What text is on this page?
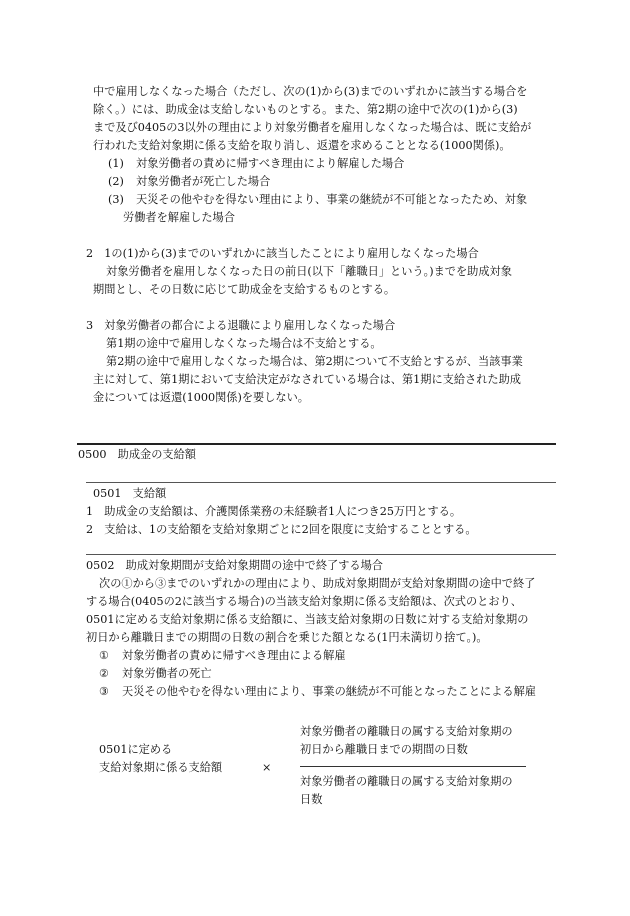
中で雇用しなくなった場合（ただし、次の(1)から(3)までのいずれかに該当する場合を
除く。）には、助成金は支給しないものとする。また、第2期の途中で次の(1)から(3)
まで及び0405の3以外の理由により対象労働者を雇用しなくなった場合は、既に支給が
行われた支給対象期に係る支給を取り消し、返還を求めることとなる(1000関係)。
(1) 対象労働者の責めに帰すべき理由により解雇した場合
(2) 対象労働者が死亡した場合
(3) 天災その他やむを得ない理由により、事業の継続が不可能となったため、対象
労働者を解雇した場合
2　1の(1)から(3)までのいずれかに該当したことにより雇用しなくなった場合
対象労働者を雇用しなくなった日の前日(以下「離職日」という。)までを助成対象
期間とし、その日数に応じて助成金を支給するものとする。
3　対象労働者の都合による退職により雇用しなくなった場合
第1期の途中で雇用しなくなった場合は不支給とする。
第2期の途中で雇用しなくなった場合は、第2期について不支給とするが、当該事業
主に対して、第1期において支給決定がなされている場合は、第1期に支給された助成
金については返還(1000関係)を要しない。
0500　助成金の支給額
0501　支給額
1　助成金の支給額は、介護関係業務の未経験者1人につき25万円とする。
2　支給は、1の支給額を支給対象期ごとに2回を限度に支給することとする。
0502　助成対象期間が支給対象期間の途中で終了する場合
次の①から③までのいずれかの理由により、助成対象期間が支給対象期間の途中で終了
する場合(0405の2に該当する場合)の当該支給対象期に係る支給額は、次式のとおり、
0501に定める支給対象期に係る支給額に、当該支給対象期の日数に対する支給対象期の
初日から離職日までの期間の日数の割合を乗じた額となる(1円未満切り捨て。)。
① 対象労働者の責めに帰すべき理由による解雇
② 対象労働者の死亡
③ 天災その他やむを得ない理由により、事業の継続が不可能となったことによる解雇
対象労働者の離職日の属する支給対象期の
初日から離職日までの期間の日数
0501に定める
支給対象期に係る支給額	×
対象労働者の離職日の属する支給対象期の
日数
